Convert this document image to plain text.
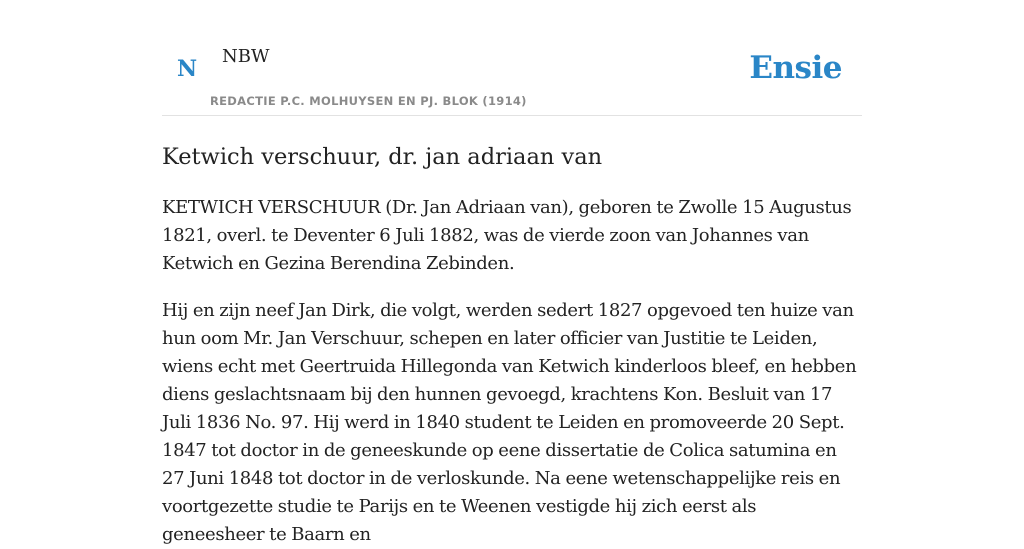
N NBW
REDACTIE P.C. MOLHUYSEN EN PJ. BLOK (1914)
Ensie
Ketwich verschuur, dr. jan adriaan van

KETWICH VERSCHUUR (Dr. Jan Adriaan van), geboren te Zwolle 15 Augustus 1821, overl. te Deventer 6 Juli 1882, was de vierde zoon van Johannes van Ketwich en Gezina Berendina Zebinden.

Hij en zijn neef Jan Dirk, die volgt, werden sedert 1827 opgevoed ten huize van hun oom Mr. Jan Verschuur, schepen en later officier van Justitie te Leiden, wiens echt met Geertruida Hillegonda van Ketwich kinderloos bleef, en hebben diens geslachtsnaam bij den hunnen gevoegd, krachtens Kon. Besluit van 17 Juli 1836 No. 97. Hij werd in 1840 student te Leiden en promoveerde 20 Sept. 1847 tot doctor in de geneeskunde op eene dissertatie de Colica satumina en 27 Juni 1848 tot doctor in de verloskunde. Na eene wetenschappelijke reis en voortgezette studie te Parijs en te Weenen vestigde hij zich eerst als geneesheer te Baarn en
